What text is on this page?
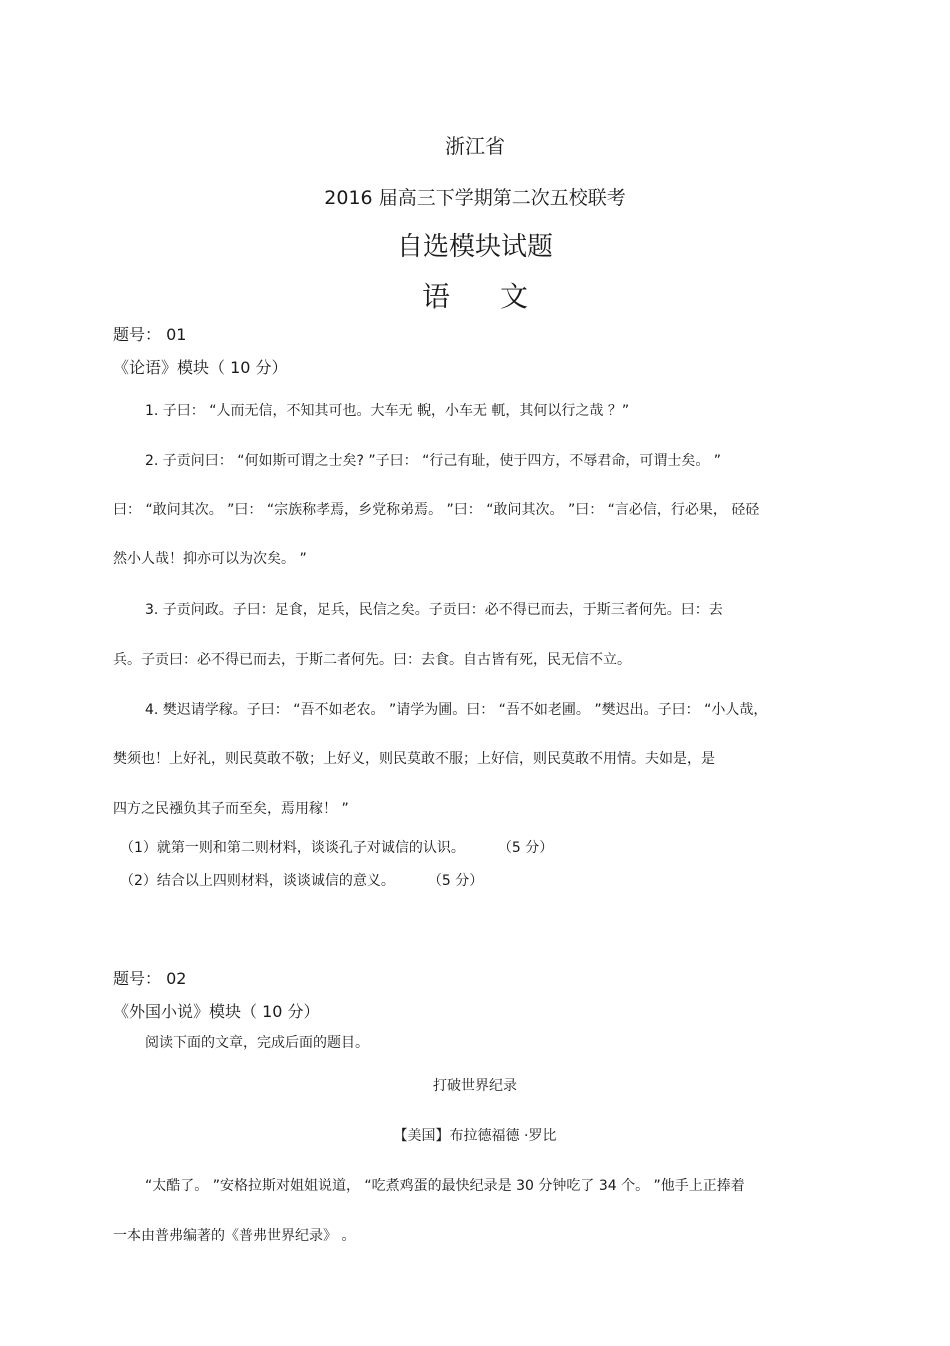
浙江省
2016 届高三下学期第二次五校联考
自选模块试题
语文
题号： 01
《论语》模块（ 10 分）
1. 子曰： “人而无信，不知其可也。大车无 輗，小车无 軏，其何以行之哉 ？”
2. 子贡问曰： “何如斯可谓之士矣? ”子曰： “行己有耻，使于四方，不辱君命，可谓士矣。 ”
曰： “敢问其次。 ”曰： “宗族称孝焉，乡党称弟焉。 ”曰： “敢问其次。 ”曰： “言必信，行必果， 硁硁
然小人哉！抑亦可以为次矣。 ”
3. 子贡问政。子曰：足食，足兵，民信之矣。子贡曰：必不得已而去，于斯三者何先。曰：去
兵。子贡曰：必不得已而去，于斯二者何先。曰：去食。自古皆有死，民无信不立。
4. 樊迟请学稼。子曰： “吾不如老农。 ”请学为圃。曰： “吾不如老圃。 ”樊迟出。子曰： “小人哉，
樊须也！上好礼，则民莫敢不敬；上好义，则民莫敢不服；上好信，则民莫敢不用情。夫如是，是
四方之民襁负其子而至矣，焉用稼！ ”
（1）就第一则和第二则材料，谈谈孔子对诚信的认识。	（5 分）
（2）结合以上四则材料，谈谈诚信的意义。	（5 分）
题号： 02
《外国小说》模块（ 10 分）
阅读下面的文章，完成后面的题目。
打破世界纪录
【美国】布拉德福德 ·罗比
“太酷了。 ”安格拉斯对姐姐说道， “吃煮鸡蛋的最快纪录是 30 分钟吃了 34 个。 ”他手上正捧着
一本由普弗编著的《普弗世界纪录》 。
